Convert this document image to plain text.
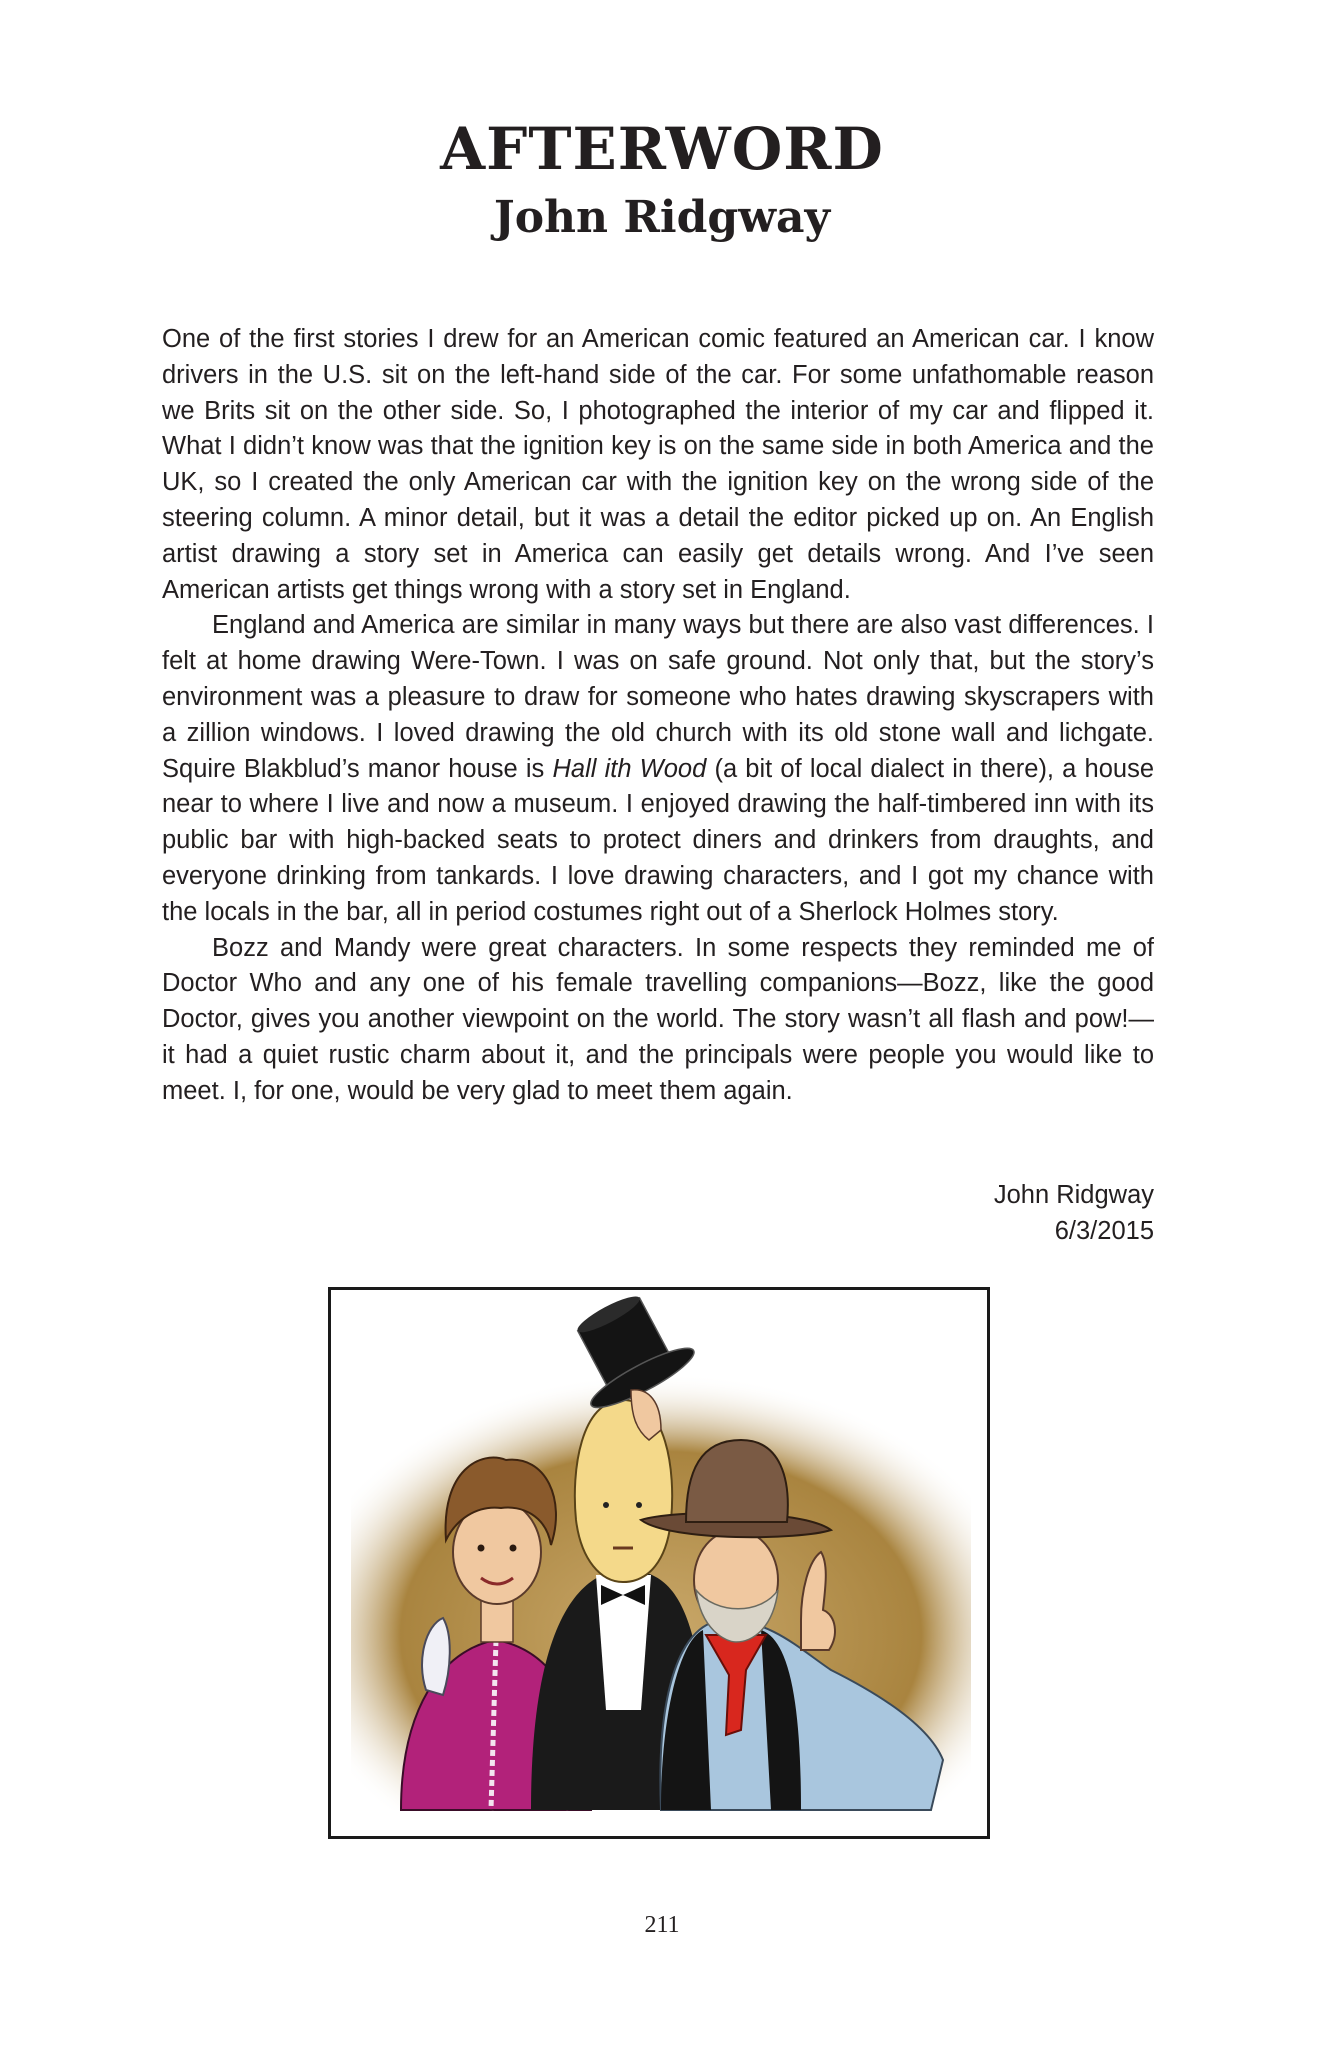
AFTERWORD
John Ridgway

One of the first stories I drew for an American comic featured an American car. I know drivers in the U.S. sit on the left-hand side of the car. For some unfathomable reason we Brits sit on the other side. So, I photographed the interior of my car and flipped it. What I didn’t know was that the ignition key is on the same side in both America and the UK, so I created the only American car with the ignition key on the wrong side of the steering column. A minor detail, but it was a detail the editor picked up on. An English artist drawing a story set in America can easily get details wrong. And I’ve seen American artists get things wrong with a story set in England.

England and America are similar in many ways but there are also vast differences. I felt at home drawing Were-Town. I was on safe ground. Not only that, but the story’s environment was a pleasure to draw for someone who hates drawing skyscrapers with a zillion windows. I loved drawing the old church with its old stone wall and lichgate. Squire Blakblud’s manor house is Hall ith Wood (a bit of local dialect in there), a house near to where I live and now a museum. I enjoyed drawing the half-timbered inn with its public bar with high-backed seats to protect diners and drinkers from draughts, and everyone drinking from tankards. I love drawing characters, and I got my chance with the locals in the bar, all in period costumes right out of a Sherlock Holmes story.

Bozz and Mandy were great characters. In some respects they reminded me of Doctor Who and any one of his female travelling companions—Bozz, like the good Doctor, gives you another viewpoint on the world. The story wasn’t all flash and pow!— it had a quiet rustic charm about it, and the principals were people you would like to meet. I, for one, would be very glad to meet them again.

John Ridgway
6/3/2015
211
